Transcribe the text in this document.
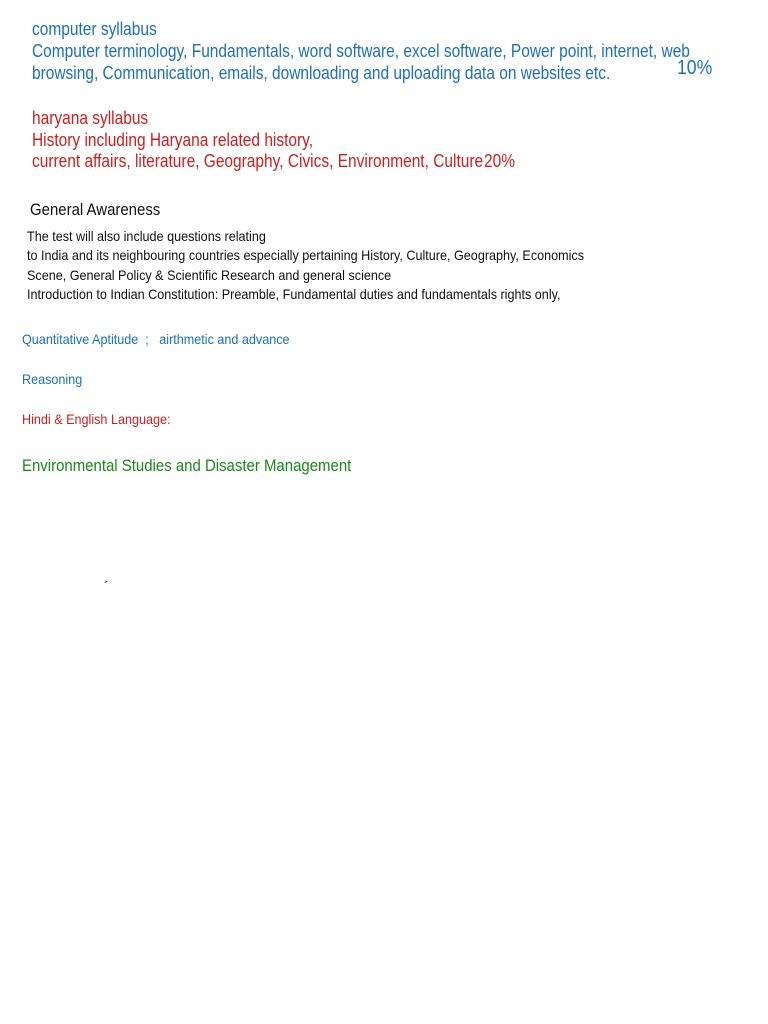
computer syllabus
Computer terminology, Fundamentals, word software, excel software, Power point, internet, web
browsing, Communication, emails, downloading and uploading data on websites etc.	10%
haryana syllabus
History including Haryana related history,
current affairs, literature, Geography, Civics, Environment, Culture 20%
General Awareness
The test will also include questions relating
to India and its neighbouring countries especially pertaining History, Culture, Geography, Economics
Scene, General Policy & Scientific Research and general science
Introduction to Indian Constitution: Preamble, Fundamental duties and fundamentals rights only,
Quantitative Aptitude  ;   airthmetic and advance
Reasoning
Hindi & English Language:
Environmental Studies and Disaster Management
´
